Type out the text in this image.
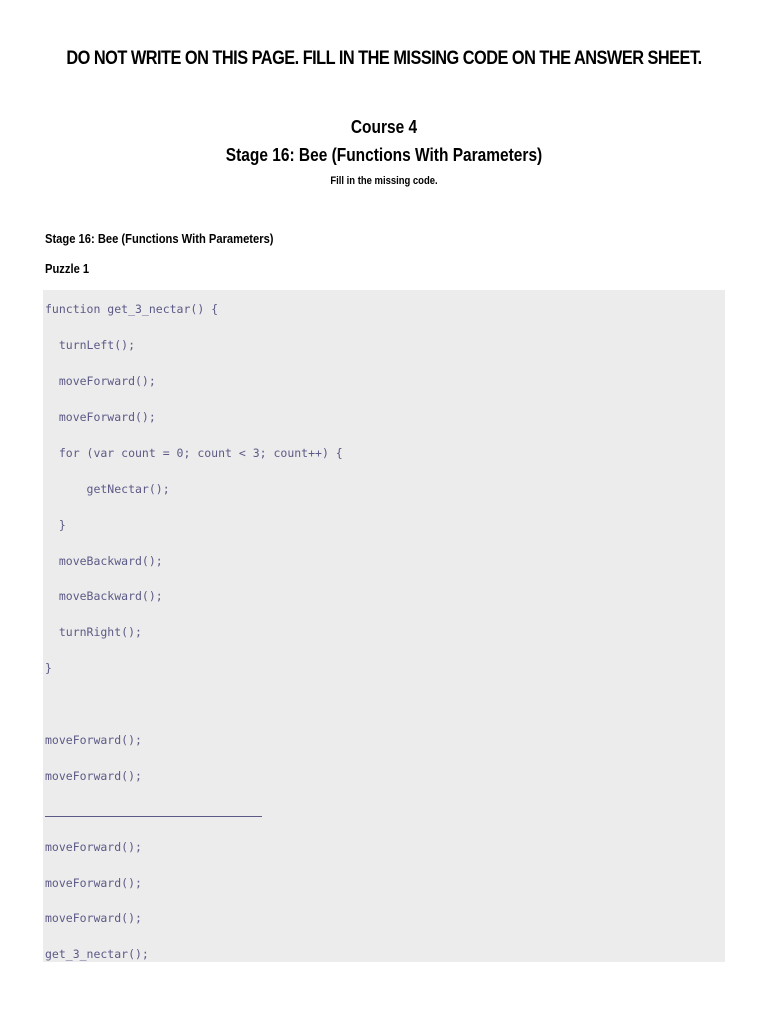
DO NOT WRITE ON THIS PAGE. FILL IN THE MISSING CODE ON THE ANSWER SHEET.
Course 4
Stage 16: Bee (Functions With Parameters)
Fill in the missing code.
Stage 16: Bee (Functions With Parameters)
Puzzle 1
function get_3_nectar() {
turnLeft();
moveForward();
moveForward();
for (var count = 0; count < 3; count++) {
getNectar();
}
moveBackward();
moveBackward();
turnRight();
}
moveForward();
moveForward();
moveForward();
moveForward();
moveForward();
get_3_nectar();
